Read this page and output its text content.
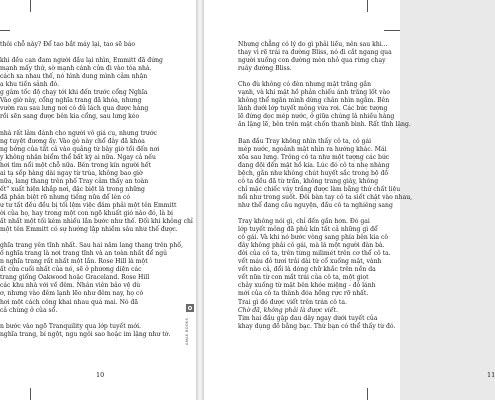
thôi chỗ này? Để tao bắt máy lại, tao sẽ báo

khi đều cạn đam người đầu lại nhìn, Emmitt đã đứng

mạnh mấy thứ, sờ mạnh cánh cửa đi vào tòa nhà.

cách xa nhau thế, nó hình dung mình cảm nhận

a khu tiền sảnh đó.

g gâm tốc độ chạy tới khi đến trước cổng Nghĩa

Vào giờ này, cổng nghĩa trang đã khóa, nhưng

vườn rau sau lưng nơi có đủ lách qua được hàng

rồi sẽn sang được bên kia cổng, sau lưng kéo

nhà rất lảm đánh cho người vô giá cụ, nhưng trước

ng tuyệt đương ấy. Vào gò này chổ đây đã khóa

ng bởng của tất cả vào quảng từ bây giờ tối đến nơi

y không nhận biểm thể bất kỳ ai nữa. Ngay cả nếu

hơi tìm nổi một chỗ nữa. Bên trong kín người hết

ai tạ sếp hàng dài ngay từ trùa, không bao giờ

nữa, lang thang trên phố Tray cảm thấy an toàn

ết" xuất hiện khắp nơi, đặc biệt là trong những

đã phân biệt rõ nhưng tiếng nữa để lén có

ư tư tất đều đều bị tối lệm việc đâm phải một tên Emmitt

ời của họ, hay trong một con ngõ khuất gió nào đó, là bị

ất nhất một tối kém nhiều lần bước như thế. Đối khi không chỉ

một tên Emmitt có sự hướng lập nhiềm sâu như thế được.

ghĩa trang yên tĩnh nhất. Sau hai năm lang thang trên phố,

ố nghĩa trang là nơi trang tĩnh và an toàn nhất để ngủ

n nghĩa trang rất nhất một lần. Rose Hill là một

ất cửa cuối nhất của nó, sẽ ở phương diện các

trang giống Oakwood hoặc Graceland. Rose Hill

các khu nhà với về đêm. Nhân viên bảo vệ dù

ơ, nhưng vào đêm lạnh lẽo như đêm nay, họ có

hơi một cách công khai nhau quá mai. Nó đã

cả chùng ở của sổ.

n bước vào ngõ Tranquility qua lớp tuyết mới.

nghĩa trang, bí ngột, ngu ngôi sao hoặc im lặng như tờ.

10
AMAK BOOKS

Nhưng chẳng có lý do gì phải liều, nên sau khi...

thay vì rẽ trái ra đường Bliss, nó đi cắt ngang qua

người xuống con đường mòn nhỏ qua rừng chạy

ruây đường Bliss.

Cho đù không có đèn nhưng mặt trăng gần

vạnh, và khi mặt hồ phản chiếu ánh trăng lốt vào

không thể ngăn mình dừng chân nhìn ngắm. Bên

lành dưới lớp tuyết mỏng vừa rơi. Các bức tượng

lẽ đứng dọc mép nước, ở giữa chúng là nhiều hàng

ăn lặng lẽ, bên trên mặt chốn thanh bình. Rất tĩnh lặng.

Bạn đầu Tray không nhìn thấy cô ta, cô gái

mép nước, ngoảnh mặt nhìn ra hướng khác. Mái

xõa sau lưng. Trông cô ta như một tượng các bức

đang đội đến mặt hồ kia. Lúc đó cô ta nhẹ nhàng

bệch, gần như không chút huyết sắc trong bộ đồ

cô ta đều đã từ trần, không trang giày, không

chỉ mặc chiếc váy trắng được làm bằng thứ chất liệu

nổi như trong suốt. Đôi bàn tay cô ta siết chặt vào nhau,

như thể đang cầu nguyện, đầu cô ta nghiêng sang

Tray không nói gì, chỉ đến gần hơn. Đó gai

lớp tuyết mỏng đã phủ kín tất cả những gì để

cô gái. Và khi nó bước vòng sang phía bên kia cô

đây không phải cô gái, mà là một người đàn bà.

đời của cô ta, trên từng milimét trên cơ thể cô ta.

vết máu đỏ tươi trải dài từ cổ xuống mặt, vành

vết nào cả, đổi là dòng chữ khắc trên nền da

vết nữa từ con mắt trái của cô ta, một giọt

chảy xuống từ mặt bên khóe miệng - đỏ lánh

mới của cô ta thành đóa hồng rực rỡ nhất.

Trai gì đó được viết trên trán cô ta.

Chờ đã, không phải là được viết.

Tim hai đầu gặp đau dây ngay dưới tuyết của

khay dụng đồ bằng bạc. Thứ bạn có thể thấy từ đó.

11
